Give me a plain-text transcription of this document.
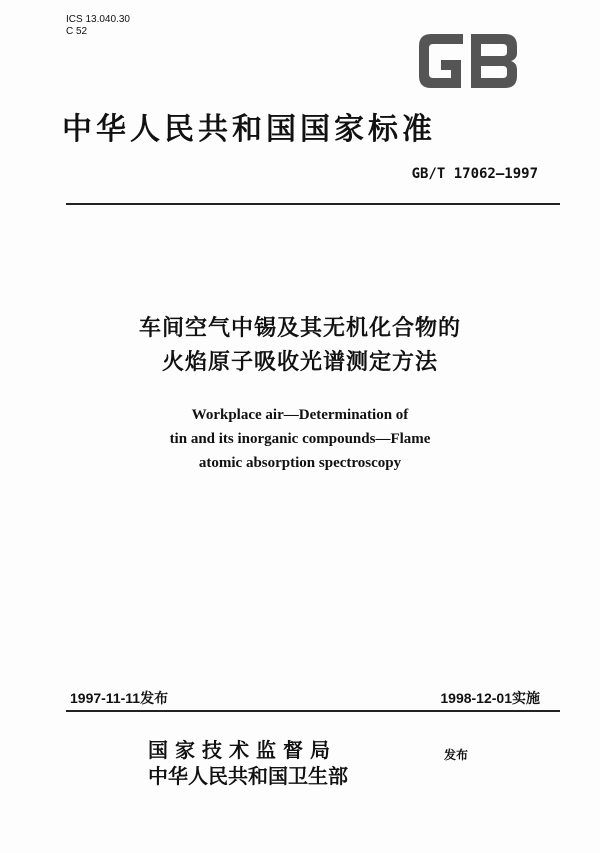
ICS 13.040.30
C 52
GB
中华人民共和国国家标准
GB/T 17062—1997
车间空气中锡及其无机化合物的
火焰原子吸收光谱测定方法
Workplace air—Determination of
tin and its inorganic compounds—Flame
atomic absorption spectroscopy
1997-11-11发布	1998-12-01实施
国家技术监督局
中华人民共和国卫生部
发布
